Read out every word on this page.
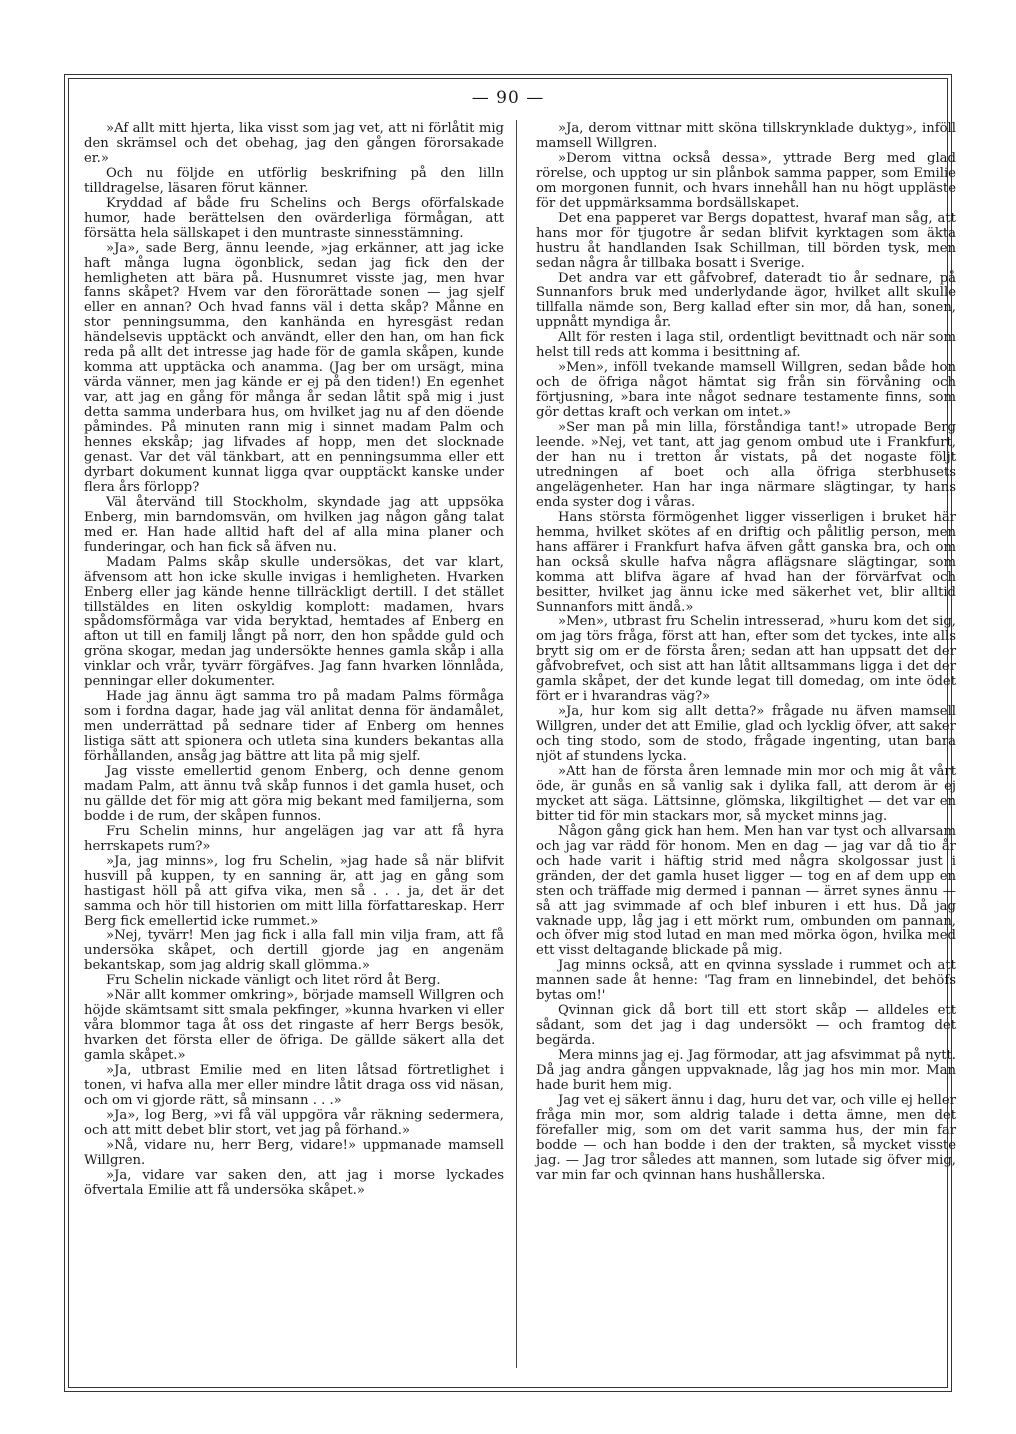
— 90 —

»Af allt mitt hjerta, lika visst som jag vet, att ni förlåtit mig den skrämsel och det obehag, jag den gången förorsakade er.»

Och nu följde en utförlig beskrifning på den lilln tilldragelse, läsaren förut känner.

Kryddad af både fru Schelins och Bergs oförfalskade humor, hade berättelsen den ovärderliga förmågan, att försätta hela sällskapet i den muntraste sinnesstämning.

»Ja», sade Berg, ännu leende, »jag erkänner, att jag icke haft många lugna ögonblick, sedan jag fick den der hemligheten att bära på. Husnumret visste jag, men hvar fanns skåpet? Hvem var den förorättade sonen — jag sjelf eller en annan? Och hvad fanns väl i detta skåp? Månne en stor penningsumma, den kanhända en hyresgäst redan händelsevis upptäckt och användt, eller den han, om han fick reda på allt det intresse jag hade för de gamla skåpen, kunde komma att upptäcka och anamma. (Jag ber om ursägt, mina värda vänner, men jag kände er ej på den tiden!) En egenhet var, att jag en gång för många år sedan låtit spå mig i just detta samma underbara hus, om hvilket jag nu af den döende påmindes. På minuten rann mig i sinnet madam Palm och hennes ekskåp; jag lifvades af hopp, men det slocknade genast. Var det väl tänkbart, att en penningsumma eller ett dyrbart dokument kunnat ligga qvar oupptäckt kanske under flera års förlopp?

Väl återvänd till Stockholm, skyndade jag att uppsöka Enberg, min barndomsvän, om hvilken jag någon gång talat med er. Han hade alltid haft del af alla mina planer och funderingar, och han fick så äfven nu.

Madam Palms skåp skulle undersökas, det var klart, äfvensom att hon icke skulle invigas i hemligheten. Hvarken Enberg eller jag kände henne tillräckligt dertill. I det stället tillstäldes en liten oskyldig komplott: madamen, hvars spådomsförmåga var vida beryktad, hemtades af Enberg en afton ut till en familj långt på norr, den hon spådde guld och gröna skogar, medan jag undersökte hennes gamla skåp i alla vinklar och vrår, tyvärr förgäfves. Jag fann hvarken lönnlåda, penningar eller dokumenter.

Hade jag ännu ägt samma tro på madam Palms förmåga som i fordna dagar, hade jag väl anlitat denna för ändamålet, men underrättad på sednare tider af Enberg om hennes listiga sätt att spionera och utleta sina kunders bekantas alla förhållanden, ansåg jag bättre att lita på mig sjelf.

Jag visste emellertid genom Enberg, och denne genom madam Palm, att ännu två skåp funnos i det gamla huset, och nu gällde det för mig att göra mig bekant med familjerna, som bodde i de rum, der skåpen funnos.

Fru Schelin minns, hur angelägen jag var att få hyra herrskapets rum?»

»Ja, jag minns», log fru Schelin, »jag hade så när blifvit husvill på kuppen, ty en sanning är, att jag en gång som hastigast höll på att gifva vika, men så . . . ja, det är det samma och hör till historien om mitt lilla författareskap. Herr Berg fick emellertid icke rummet.»

»Nej, tyvärr! Men jag fick i alla fall min vilja fram, att få undersöka skåpet, och dertill gjorde jag en angenäm bekantskap, som jag aldrig skall glömma.»

Fru Schelin nickade vänligt och litet rörd åt Berg.

»När allt kommer omkring», började mamsell Willgren och höjde skämtsamt sitt smala pekfinger, »kunna hvarken vi eller våra blommor taga åt oss det ringaste af herr Bergs besök, hvarken det första eller de öfriga. De gällde säkert alla det gamla skåpet.»

»Ja, utbrast Emilie med en liten låtsad förtretlighet i tonen, vi hafva alla mer eller mindre låtit draga oss vid näsan, och om vi gjorde rätt, så minsann . . .»

»Ja», log Berg, »vi få väl uppgöra vår räkning sedermera, och att mitt debet blir stort, vet jag på förhand.»

»Nå, vidare nu, herr Berg, vidare!» uppmanade mamsell Willgren.

»Ja, vidare var saken den, att jag i morse lyckades öfvertala Emilie att få undersöka skåpet.»

»Ja, derom vittnar mitt sköna tillskrynklade duktyg», inföll mamsell Willgren.

»Derom vittna också dessa», yttrade Berg med glad rörelse, och upptog ur sin plånbok samma papper, som Emilie om morgonen funnit, och hvars innehåll han nu högt uppläste för det uppmärksamma bordsällskapet.

Det ena papperet var Bergs dopattest, hvaraf man såg, att hans mor för tjugotre år sedan blifvit kyrktagen som äkta hustru åt handlanden Isak Schillman, till börden tysk, men sedan några år tillbaka bosatt i Sverige.

Det andra var ett gåfvobref, dateradt tio år sednare, på Sunnanfors bruk med underlydande ägor, hvilket allt skulle tillfalla nämde son, Berg kallad efter sin mor, då han, sonen, uppnått myndiga år.

Allt för resten i laga stil, ordentligt bevittnadt och när som helst till reds att komma i besittning af.

»Men», inföll tvekande mamsell Willgren, sedan både hon och de öfriga något hämtat sig från sin förvåning och förtjusning, »bara inte något sednare testamente finns, som gör dettas kraft och verkan om intet.»

»Ser man på min lilla, förståndiga tant!» utropade Berg leende. »Nej, vet tant, att jag genom ombud ute i Frankfurt, der han nu i tretton år vistats, på det nogaste följt utredningen af boet och alla öfriga sterbhusets angelägenheter. Han har inga närmare slägtingar, ty hans enda syster dog i våras.

Hans största förmögenhet ligger visserligen i bruket här hemma, hvilket skötes af en driftig och pålitlig person, men hans affärer i Frankfurt hafva äfven gått ganska bra, och om han också skulle hafva några aflägsnare slägtingar, som komma att blifva ägare af hvad han der förvärfvat och besitter, hvilket jag ännu icke med säkerhet vet, blir alltid Sunnanfors mitt ändå.»

»Men», utbrast fru Schelin intresserad, »huru kom det sig, om jag törs fråga, först att han, efter som det tyckes, inte alls brytt sig om er de första åren; sedan att han uppsatt det der gåfvobrefvet, och sist att han låtit alltsammans ligga i det der gamla skåpet, der det kunde legat till domedag, om inte ödet fört er i hvarandras väg?»

»Ja, hur kom sig allt detta?» frågade nu äfven mamsell Willgren, under det att Emilie, glad och lycklig öfver, att saker och ting stodo, som de stodo, frågade ingenting, utan bara njöt af stundens lycka.

»Att han de första åren lemnade min mor och mig åt vårt öde, är gunås en så vanlig sak i dylika fall, att derom är ej mycket att säga. Lättsinne, glömska, likgiltighet — det var en bitter tid för min stackars mor, så mycket minns jag.

Någon gång gick han hem. Men han var tyst och allvarsam och jag var rädd för honom. Men en dag — jag var då tio år och hade varit i häftig strid med några skolgossar just i gränden, der det gamla huset ligger — tog en af dem upp en sten och träffade mig dermed i pannan — ärret synes ännu — så att jag svimmade af och blef inburen i ett hus. Då jag vaknade upp, låg jag i ett mörkt rum, ombunden om pannan, och öfver mig stod lutad en man med mörka ögon, hvilka med ett visst deltagande blickade på mig.

Jag minns också, att en qvinna sysslade i rummet och att mannen sade åt henne: 'Tag fram en linnebindel, det behöfs bytas om!'

Qvinnan gick då bort till ett stort skåp — alldeles ett sådant, som det jag i dag undersökt — och framtog det begärda.

Mera minns jag ej. Jag förmodar, att jag afsvimmat på nytt. Då jag andra gången uppvaknade, låg jag hos min mor. Man hade burit hem mig.

Jag vet ej säkert ännu i dag, huru det var, och ville ej heller fråga min mor, som aldrig talade i detta ämne, men det förefaller mig, som om det varit samma hus, der min far bodde — och han bodde i den der trakten, så mycket visste jag. — Jag tror således att mannen, som lutade sig öfver mig, var min far och qvinnan hans hushållerska.
